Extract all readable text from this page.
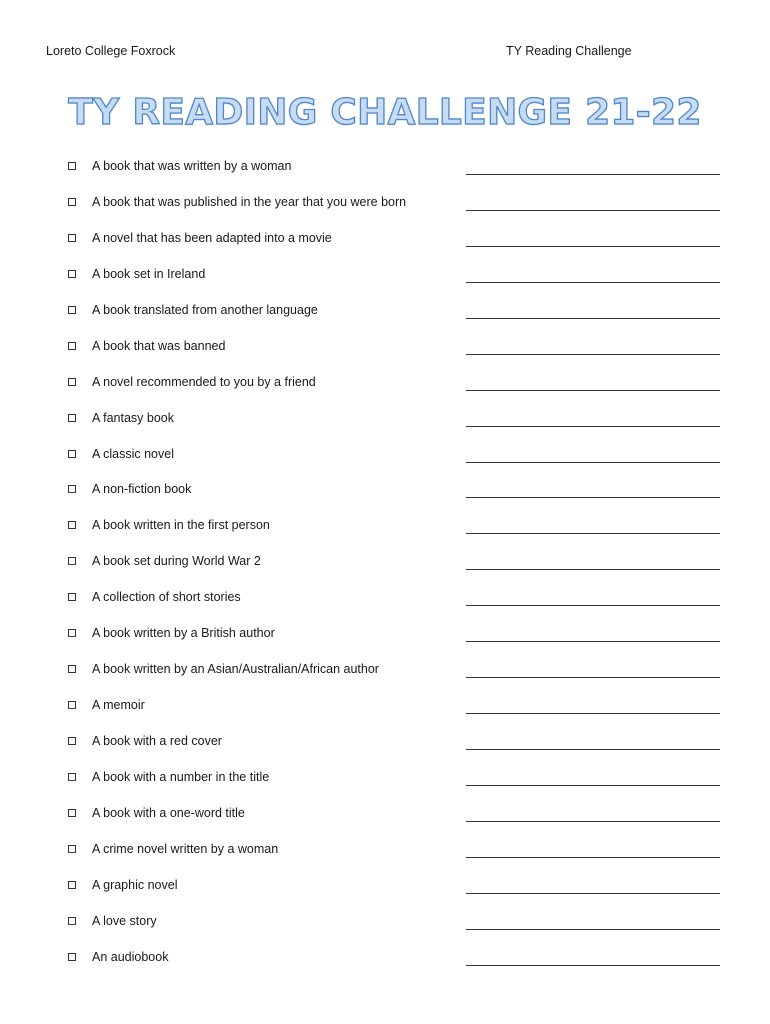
Loreto College Foxrock	TY Reading Challenge
TY READING CHALLENGE 21-22
A book that was written by a woman
A book that was published in the year that you were born
A novel that has been adapted into a movie
A book set in Ireland
A book translated from another language
A book that was banned
A novel recommended to you by a friend
A fantasy book
A classic novel
A non-fiction book
A book written in the first person
A book set during World War 2
A collection of short stories
A book written by a British author
A book written by an Asian/Australian/African author
A memoir
A book with a red cover
A book with a number in the title
A book with a one-word title
A crime novel written by a woman
A graphic novel
A love story
An audiobook
